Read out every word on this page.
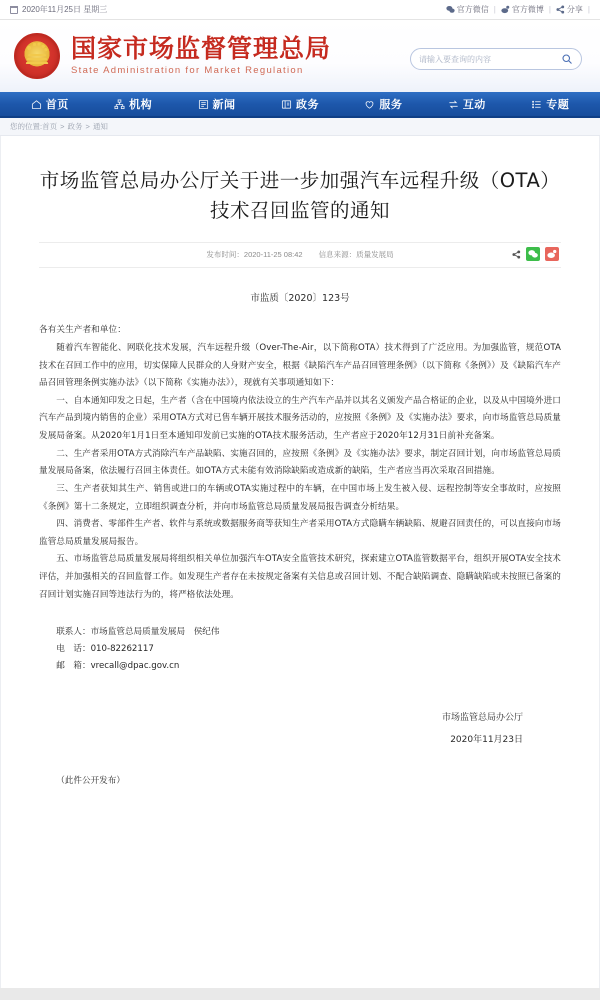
2020年11月25日 星期三	官方微信 | 官方微博 | 分享 |
国家市场监督管理总局
State Administration for Market Regulation
请输入要查询的内容
首页	机构	新闻	政务	服务	互动	专题
您的位置: 首页 > 政务 > 通知
市场监管总局办公厅关于进一步加强汽车远程升级（OTA）技术召回监管的通知
发布时间：2020-11-25 08:42 信息来源：质量发展局
市监质〔2020〕123号

各有关生产者和单位：

随着汽车智能化、网联化技术发展，汽车远程升级（Over-The-Air，以下简称OTA）技术得到了广泛应用。为加强监管，规范OTA技术在召回工作中的应用，切实保障人民群众的人身财产安全，根据《缺陷汽车产品召回管理条例》（以下简称《条例》）及《缺陷汽车产品召回管理条例实施办法》（以下简称《实施办法》），现就有关事项通知如下：

一、自本通知印发之日起，生产者（含在中国境内依法设立的生产汽车产品并以其名义颁发产品合格证的企业，以及从中国境外进口汽车产品到境内销售的企业）采用OTA方式对已售车辆开展技术服务活动的，应按照《条例》及《实施办法》要求，向市场监管总局质量发展局备案。从2020年1月1日至本通知印发前已实施的OTA技术服务活动，生产者应于2020年12月31日前补充备案。

二、生产者采用OTA方式消除汽车产品缺陷、实施召回的，应按照《条例》及《实施办法》要求，制定召回计划，向市场监管总局质量发展局备案，依法履行召回主体责任。如OTA方式未能有效消除缺陷或造成新的缺陷，生产者应当再次采取召回措施。

三、生产者获知其生产、销售或进口的车辆或OTA实施过程中的车辆，在中国市场上发生被入侵、远程控制等安全事故时，应按照《条例》第十二条规定，立即组织调查分析，并向市场监管总局质量发展局报告调查分析结果。

四、消费者、零部件生产者、软件与系统或数据服务商等获知生产者采用OTA方式隐瞒车辆缺陷、规避召回责任的，可以直接向市场监管总局质量发展局报告。

五、市场监管总局质量发展局将组织相关单位加强汽车OTA安全监管技术研究，探索建立OTA监管数据平台，组织开展OTA安全技术评估，并加强相关的召回监督工作。如发现生产者存在未按规定备案有关信息或召回计划、不配合缺陷调查、隐瞒缺陷或未按照已备案的召回计划实施召回等违法行为的，将严格依法处理。

联系人：市场监管总局质量发展局　侯纪伟

电　话：010-82262117

邮　箱：vrecall@dpac.gov.cn

市场监管总局办公厅

2020年11月23日

（此件公开发布）
